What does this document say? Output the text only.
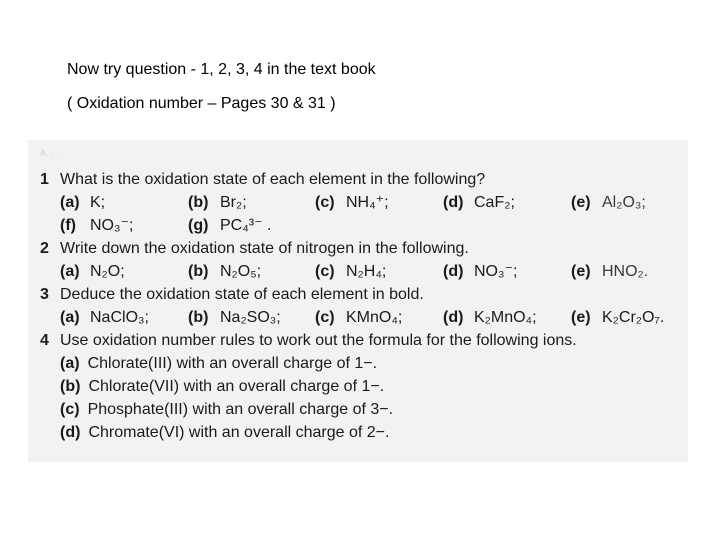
Now try question - 1, 2, 3, 4 in the text book
( Oxidation number – Pages 30 & 31 )
A. . .
1 What is the oxidation state of each element in the following?
(a) K;	(b) Br₂;	(c) NH₄⁺;	(d) CaF₂;	(e) Al₂O₃;
(f) NO₃⁻;	(g) PC₄³⁻ .
2 Write down the oxidation state of nitrogen in the following.
(a) N₂O;	(b) N₂O₅;	(c) N₂H₄;	(d) NO₃⁻;	(e) HNO₂.
3 Deduce the oxidation state of each element in bold.
(a) NaClO₃; (b) Na₂SO₃; (c) KMnO₄;	(d) K₂MnO₄; (e) K₂Cr₂O₇.
4 Use oxidation number rules to work out the formula for the following ions.
(a) Chlorate(III) with an overall charge of 1−.
(b) Chlorate(VII) with an overall charge of 1−.
(c) Phosphate(III) with an overall charge of 3−.
(d) Chromate(VI) with an overall charge of 2−.
